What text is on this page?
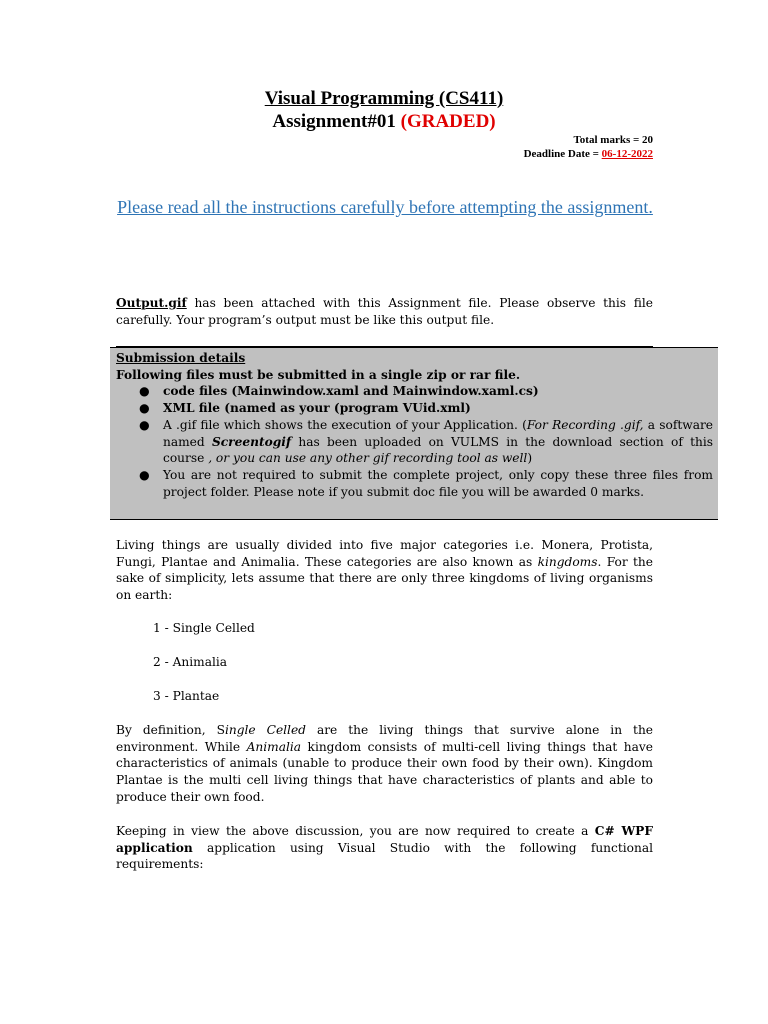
Visual Programming (CS411)
Assignment#01 (GRADED)
Total marks = 20
Deadline Date = 06-12-2022
Please read all the instructions carefully before attempting the assignment.
Output.gif has been attached with this Assignment file. Please observe this file carefully. Your program’s output must be like this output file.
Submission details
Following files must be submitted in a single zip or rar file.
● code files (Mainwindow.xaml and Mainwindow.xaml.cs)
● XML file (named as your (program VUid.xml)
● A .gif file which shows the execution of your Application. (For Recording .gif, a software named Screentogif has been uploaded on VULMS in the download section of this course , or you can use any other gif recording tool as well)
● You are not required to submit the complete project, only copy these three files from project folder. Please note if you submit doc file you will be awarded 0 marks.
Living things are usually divided into five major categories i.e. Monera, Protista, Fungi, Plantae and Animalia. These categories are also known as kingdoms. For the sake of simplicity, lets assume that there are only three kingdoms of living organisms on earth:
1 - Single Celled
2 - Animalia
3 - Plantae
By definition, Single Celled are the living things that survive alone in the environment. While Animalia kingdom consists of multi-cell living things that have characteristics of animals (unable to produce their own food by their own). Kingdom Plantae is the multi cell living things that have characteristics of plants and able to produce their own food.
Keeping in view the above discussion, you are now required to create a C# WPF application application using Visual Studio with the following functional requirements:
